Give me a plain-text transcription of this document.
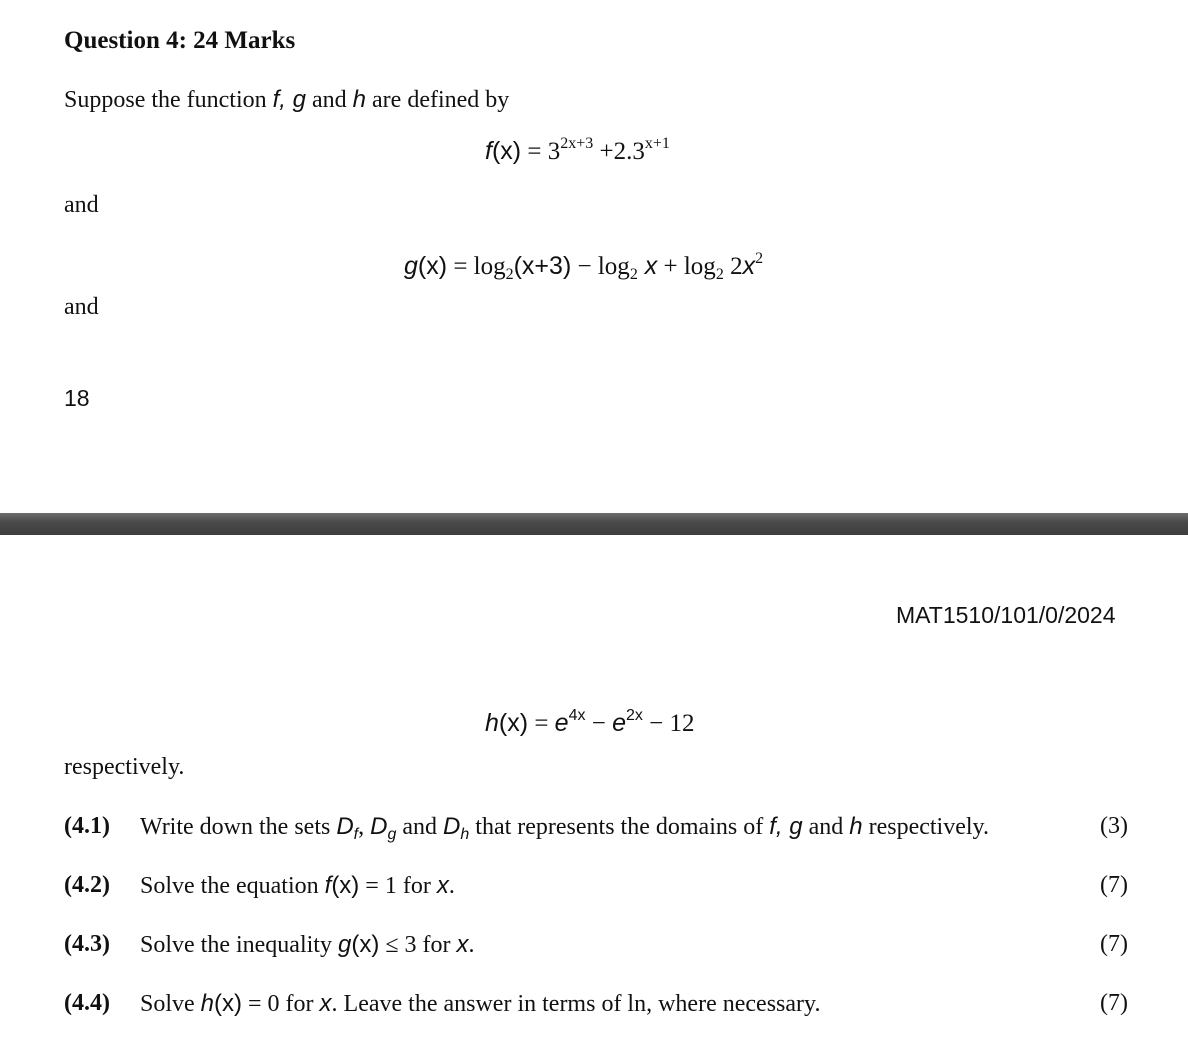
Question 4: 24 Marks
Suppose the function f, g and h are defined by
$f(x) = 3^{2x+3} +2.3^{x+1}$
and
$g(x) = \log_2(x+3) - \log_2 x + \log_2 2x^2$
and
18
MAT1510/101/0/2024
$h(x) = e^{4x} - e^{2x} - 12$
respectively.
(4.1) Write down the sets $D_f$, $D_g$ and $D_h$ that represents the domains of f, g and h respectively.	(3)
(4.2) Solve the equation f(x) = 1 for x.	(7)
(4.3) Solve the inequality g(x) ≤ 3 for x.	(7)
(4.4) Solve h(x) = 0 for x. Leave the answer in terms of ln, where necessary.	(7)
